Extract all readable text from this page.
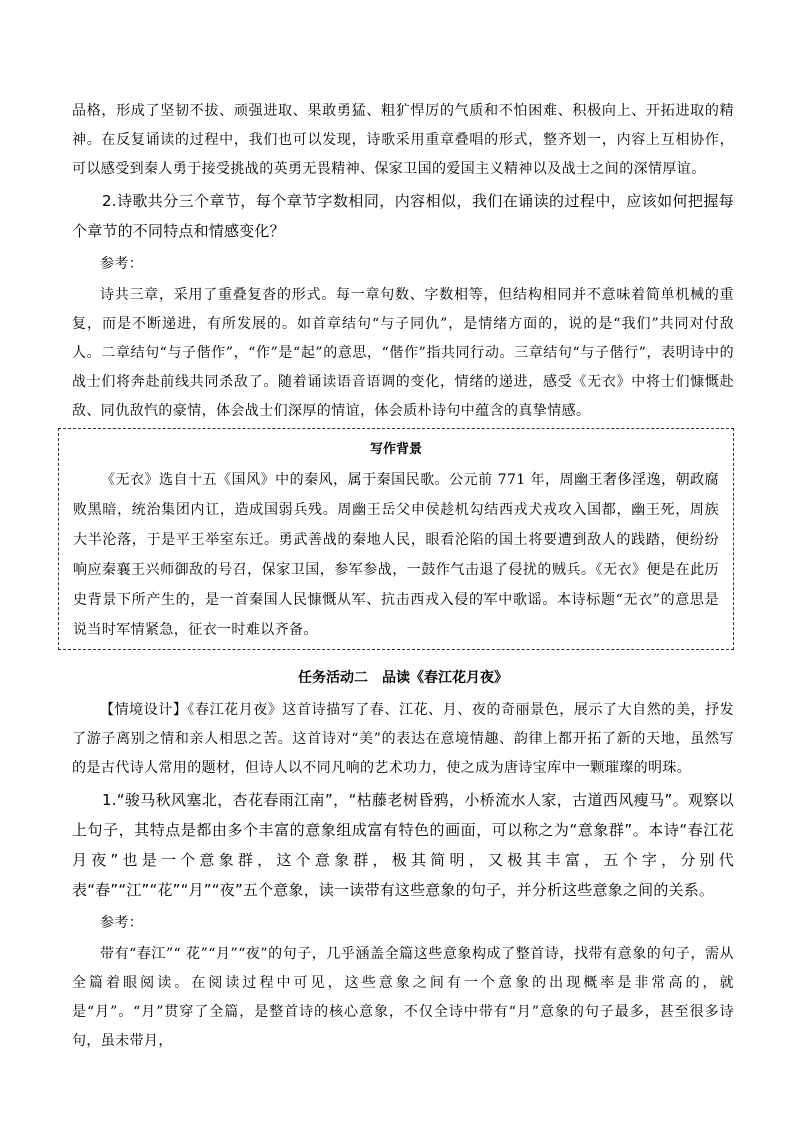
品格，形成了坚韧不拔、顽强进取、果敢勇猛、粗犷悍厉的气质和不怕困难、积极向上、开拓进取的精神。在反复诵读的过程中，我们也可以发现，诗歌采用重章叠唱的形式，整齐划一，内容上互相协作，可以感受到秦人勇于接受挑战的英勇无畏精神、保家卫国的爱国主义精神以及战士之间的深情厚谊。

2.诗歌共分三个章节，每个章节字数相同，内容相似，我们在诵读的过程中，应该如何把握每个章节的不同特点和情感变化？

参考：

诗共三章，采用了重叠复沓的形式。每一章句数、字数相等，但结构相同并不意味着简单机械的重复，而是不断递进，有所发展的。如首章结句“与子同仇”，是情绪方面的，说的是“我们”共同对付敌人。二章结句“与子偕作”，“作”是“起”的意思，“偕作”指共同行动。三章结句“与子偕行”，表明诗中的战士们将奔赴前线共同杀敌了。随着诵读语音语调的变化，情绪的递进，感受《无衣》中将士们慷慨赴敌、同仇敌忾的豪情，体会战士们深厚的情谊，体会质朴诗句中蕴含的真挚情感。

写作背景

《无衣》选自十五《国风》中的秦风，属于秦国民歌。公元前 771 年，周幽王奢侈淫逸，朝政腐败黑暗，统治集团内讧，造成国弱兵残。周幽王岳父申侯趁机勾结西戎犬戎攻入国都，幽王死，周族大半沦落，于是平王举室东迁。勇武善战的秦地人民，眼看沦陷的国土将要遭到敌人的践踏，便纷纷响应秦襄王兴师御敌的号召，保家卫国，参军参战，一鼓作气击退了侵扰的贼兵。《无衣》便是在此历史背景下所产生的，是一首秦国人民慷慨从军、抗击西戎入侵的军中歌谣。本诗标题“无衣”的意思是说当时军情紧急，征衣一时难以齐备。

任务活动二　品读《春江花月夜》

【情境设计】《春江花月夜》这首诗描写了春、江花、月、夜的奇丽景色，展示了大自然的美，抒发了游子离别之情和亲人相思之苦。这首诗对“美”的表达在意境情趣、韵律上都开拓了新的天地，虽然写的是古代诗人常用的题材，但诗人以不同凡响的艺术功力，使之成为唐诗宝库中一颗璀璨的明珠。

1.“骏马秋风塞北，杏花春雨江南”，“枯藤老树昏鸦，小桥流水人家，古道西风瘦马”。观察以上句子，其特点是都由多个丰富的意象组成富有特色的画面，可以称之为“意象群”。本诗“春江花月夜”也是一个意象群，这个意象群，极其简明，又极其丰富，五个字，分别代表“春”“江”“花”“月”“夜”五个意象，读一读带有这些意象的句子，并分析这些意象之间的关系。

参考：

带有“春江”“ 花”“月”“夜”的句子，几乎涵盖全篇这些意象构成了整首诗，找带有意象的句子，需从全篇着眼阅读。在阅读过程中可见，这些意象之间有一个意象的出现概率是非常高的，就是“月”。“月”贯穿了全篇，是整首诗的核心意象，不仅全诗中带有“月”意象的句子最多，甚至很多诗句，虽未带月，
